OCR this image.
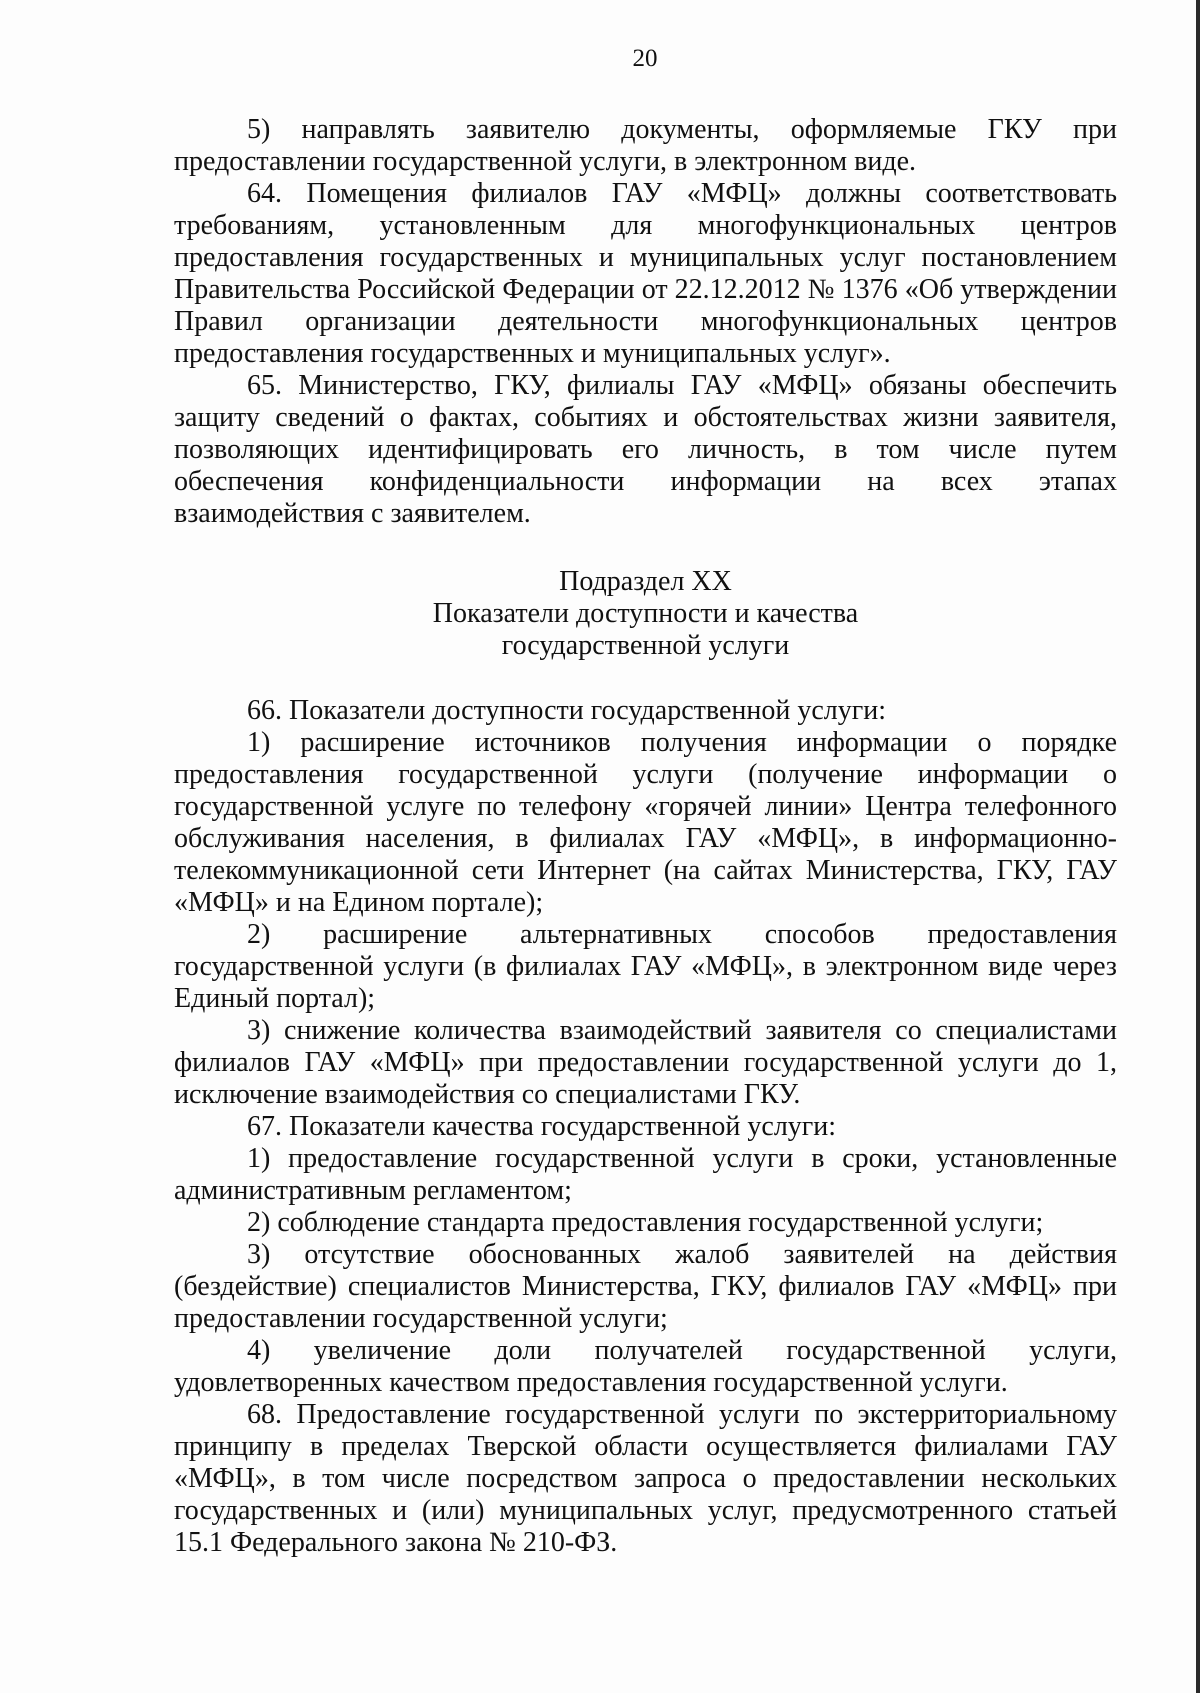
20

5) направлять заявителю документы, оформляемые ГКУ при предоставлении государственной услуги, в электронном виде.

64. Помещения филиалов ГАУ «МФЦ» должны соответствовать требованиям, установленным для многофункциональных центров предоставления государственных и муниципальных услуг постановлением Правительства Российской Федерации от 22.12.2012 № 1376 «Об утверждении Правил организации деятельности многофункциональных центров предоставления государственных и муниципальных услуг».

65. Министерство, ГКУ, филиалы ГАУ «МФЦ» обязаны обеспечить защиту сведений о фактах, событиях и обстоятельствах жизни заявителя, позволяющих идентифицировать его личность, в том числе путем обеспечения конфиденциальности информации на всех этапах взаимодействия с заявителем.

Подраздел XX
Показатели доступности и качества
государственной услуги

66. Показатели доступности государственной услуги:

1) расширение источников получения информации о порядке предоставления государственной услуги (получение информации о государственной услуге по телефону «горячей линии» Центра телефонного обслуживания населения, в филиалах ГАУ «МФЦ», в информационно-телекоммуникационной сети Интернет (на сайтах Министерства, ГКУ, ГАУ «МФЦ» и на Едином портале);

2) расширение альтернативных способов предоставления государственной услуги (в филиалах ГАУ «МФЦ», в электронном виде через Единый портал);

3) снижение количества взаимодействий заявителя со специалистами филиалов ГАУ «МФЦ» при предоставлении государственной услуги до 1, исключение взаимодействия со специалистами ГКУ.

67. Показатели качества государственной услуги:

1) предоставление государственной услуги в сроки, установленные административным регламентом;

2) соблюдение стандарта предоставления государственной услуги;

3) отсутствие обоснованных жалоб заявителей на действия (бездействие) специалистов Министерства, ГКУ, филиалов ГАУ «МФЦ» при предоставлении государственной услуги;

4) увеличение доли получателей государственной услуги, удовлетворенных качеством предоставления государственной услуги.

68. Предоставление государственной услуги по экстерриториальному принципу в пределах Тверской области осуществляется филиалами ГАУ «МФЦ», в том числе посредством запроса о предоставлении нескольких государственных и (или) муниципальных услуг, предусмотренного статьей 15.1 Федерального закона № 210-ФЗ.
